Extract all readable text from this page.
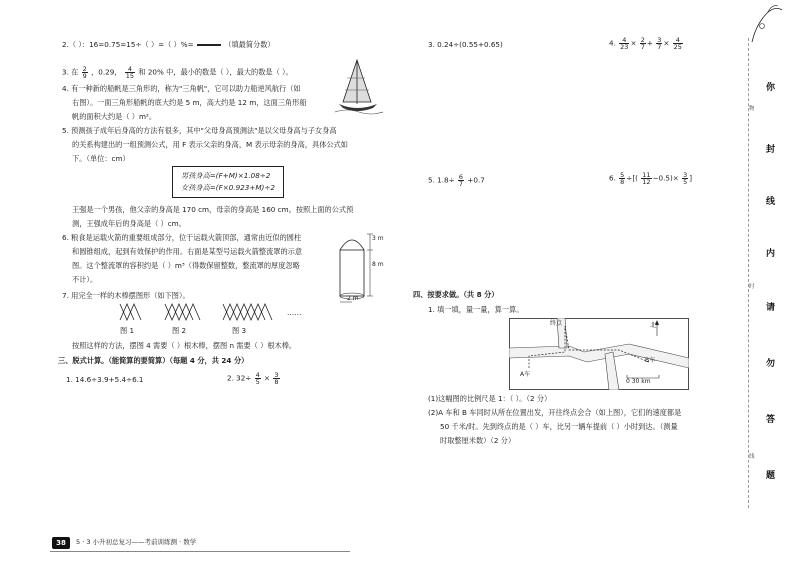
2.（ ）：16=0.75=15÷（ ）=（ ）%=	（填最简分数）
3. 在 $\frac{2}{9}$ ，0.29， $\frac{4}{15}$ 和 20% 中，最小的数是（ ），最大的数是（ ）。
4. 有一种新的船帆是三角形的，称为"三角帆"，它可以助力船逆风航行（如
右图）。一面三角形船帆的底大约是 5 m，高大约是 12 m，这面三角形船
帆的面积大约是（ ）m²。
5. 预测孩子成年后身高的方法有很多，其中"父母身高预测法"是以父母身高与子女身高
的关系构建出的一组预测公式，用 F 表示父亲的身高，M 表示母亲的身高，具体公式如
下。（单位：cm）
男孩身高=(F+M)×1.08÷2
女孩身高=(F×0.923+M)÷2
王强是一个男孩，他父亲的身高是 170 cm，母亲的身高是 160 cm。按照上面的公式预
测，王强成年后的身高是（ ）cm。
6. 粮食是运载火箭的重要组成部分，位于运载火箭顶部，通常由近似的圆柱
和圆锥组成，起到有效保护的作用。右面是某型号运载火箭整流罩的示意
图。这个整流罩的容积约是（ ）m³（得数保留整数，整流罩的厚度忽略
不计）。
3 m
8 m
2 m
7. 用完全一样的木棒摆图形（如下图）。
……
图 1	图 2	图 3
按照这样的方法，摆图 4 需要（ ）根木棒，摆图 n 需要（ ）根木棒。
三、脱式计算。（能简算的要简算）（每题 4 分，共 24 分）
1. 14.6÷3.9+5.4÷6.1	2. $32\div \frac{4}{5} \times \frac{3}{8}$
3. 0.24÷(0.55+0.65)	4. $\frac{4}{23} \times \frac{2}{7} + \frac{3}{7} \times \frac{4}{25}$
5. $1.8\div \frac{6}{7} +0.7$	6. $\frac{5}{8}$ ÷[( $\frac{11}{12} -0.5)\times \frac{3}{5}$ ]
四、按要求做。（共 8 分）
1. 填一填，量一量，算一算。
终点	北
A车
B车
0 30 km
(1)这幅图的比例尺是 1：（ ）。（2 分）
(2)A 车和 B 车同时从所在位置出发，开往终点会合（如上图），它们的速度都是
50 千米/时。先到终点的是（ ）车，比另一辆车提前（ ）小时到达。（测量
时取整厘米数）（2 分）
你
封
线
内
请
勿
答
题
物
时
线
38	5 · 3 小升初总复习——考前训练测 · 数学
